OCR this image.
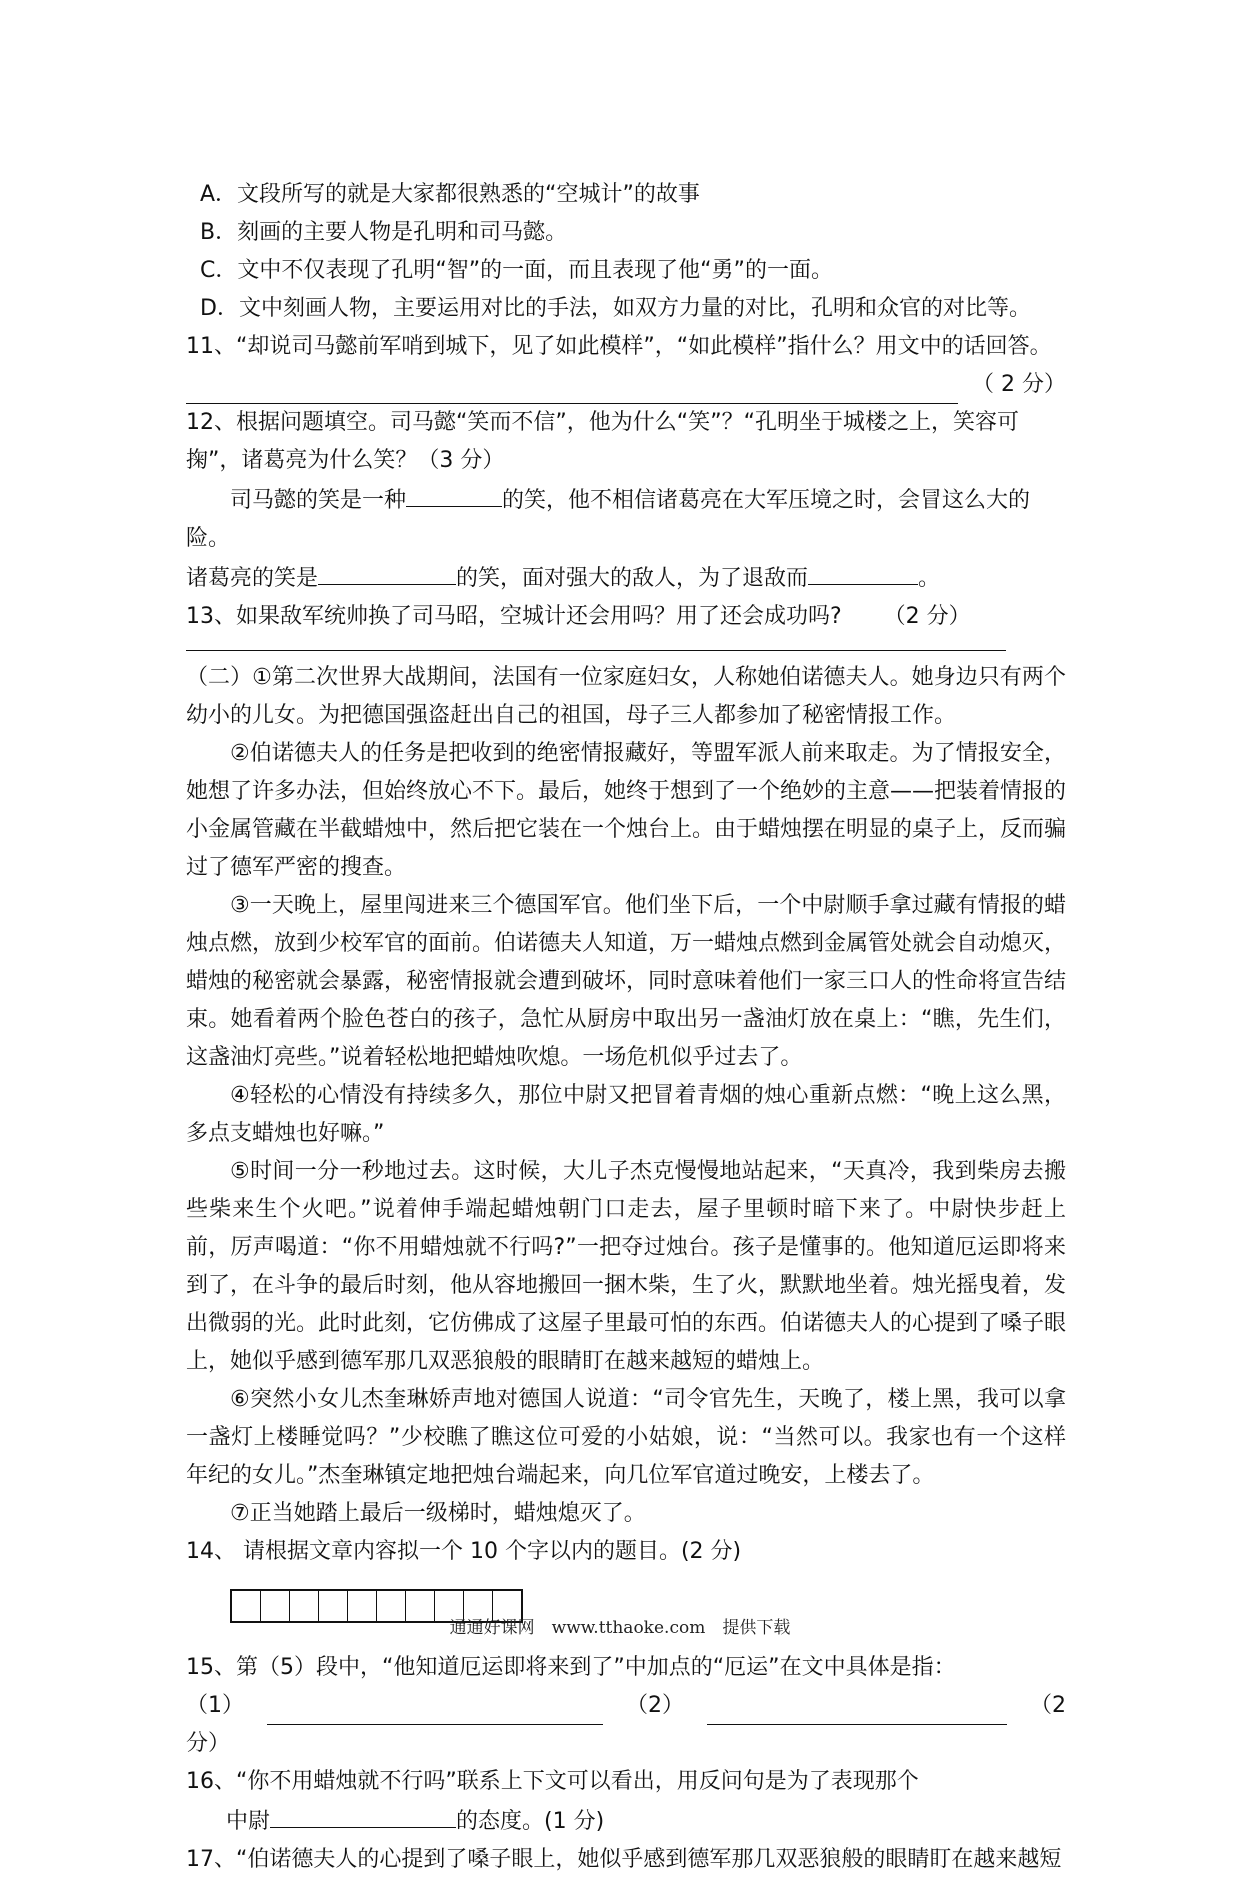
A．文段所写的就是大家都很熟悉的“空城计”的故事

B．刻画的主要人物是孔明和司马懿。

C．文中不仅表现了孔明“智”的一面，而且表现了他“勇”的一面。

D．文中刻画人物，主要运用对比的手法，如双方力量的对比，孔明和众官的对比等。

11、“却说司马懿前军哨到城下，见了如此模样”，“如此模样”指什么？用文中的话回答。

（ 2 分）

12、根据问题填空。司马懿“笑而不信”，他为什么“笑”？“孔明坐于城楼之上，笑容可掬”，诸葛亮为什么笑？（3 分）

司马懿的笑是一种	的笑，他不相信诸葛亮在大军压境之时，会冒这么大的险。

诸葛亮的笑是	的笑，面对强大的敌人，为了退敌而	。

13、如果敌军统帅换了司马昭，空城计还会用吗？用了还会成功吗? （2 分）

（二）①第二次世界大战期间，法国有一位家庭妇女，人称她伯诺德夫人。她身边只有两个幼小的儿女。为把德国强盗赶出自己的祖国，母子三人都参加了秘密情报工作。

②伯诺德夫人的任务是把收到的绝密情报藏好，等盟军派人前来取走。为了情报安全，她想了许多办法，但始终放心不下。最后，她终于想到了一个绝妙的主意——把装着情报的小金属管藏在半截蜡烛中，然后把它装在一个烛台上。由于蜡烛摆在明显的桌子上，反而骗过了德军严密的搜查。

③一天晚上，屋里闯进来三个德国军官。他们坐下后，一个中尉顺手拿过藏有情报的蜡烛点燃，放到少校军官的面前。伯诺德夫人知道，万一蜡烛点燃到金属管处就会自动熄灭，蜡烛的秘密就会暴露，秘密情报就会遭到破坏，同时意味着他们一家三口人的性命将宣告结束。她看着两个脸色苍白的孩子，急忙从厨房中取出另一盏油灯放在桌上：“瞧，先生们，这盏油灯亮些。”说着轻松地把蜡烛吹熄。一场危机似乎过去了。

④轻松的心情没有持续多久，那位中尉又把冒着青烟的烛心重新点燃：“晚上这么黑，多点支蜡烛也好嘛。”

⑤时间一分一秒地过去。这时候，大儿子杰克慢慢地站起来，“天真冷，我到柴房去搬些柴来生个火吧。”说着伸手端起蜡烛朝门口走去，屋子里顿时暗下来了。中尉快步赶上前，厉声喝道：“你不用蜡烛就不行吗?”一把夺过烛台。孩子是懂事的。他知道厄运即将来到了，在斗争的最后时刻，他从容地搬回一捆木柴，生了火，默默地坐着。烛光摇曳着，发出微弱的光。此时此刻，它仿佛成了这屋子里最可怕的东西。伯诺德夫人的心提到了嗓子眼上，她似乎感到德军那几双恶狼般的眼睛盯在越来越短的蜡烛上。

⑥突然小女儿杰奎琳娇声地对德国人说道：“司令官先生，天晚了，楼上黑，我可以拿一盏灯上楼睡觉吗？”少校瞧了瞧这位可爱的小姑娘，说：“当然可以。我家也有一个这样年纪的女儿。”杰奎琳镇定地把烛台端起来，向几位军官道过晚安，上楼去了。

⑦正当她踏上最后一级梯时，蜡烛熄灭了。

14、 请根据文章内容拟一个 10 个字以内的题目。(2 分)

15、第（5）段中，“他知道厄运即将来到了”中加点的“厄运”在文中具体是指：

（1）	（2）	（2

分）

16、“你不用蜡烛就不行吗”联系上下文可以看出，用反问句是为了表现那个

中尉	的态度。(1 分)

17、“伯诺德夫人的心提到了嗓子眼上，她似乎感到德军那几双恶狼般的眼睛盯在越来越短

通通好课网　www.tthaoke.com　提供下载
